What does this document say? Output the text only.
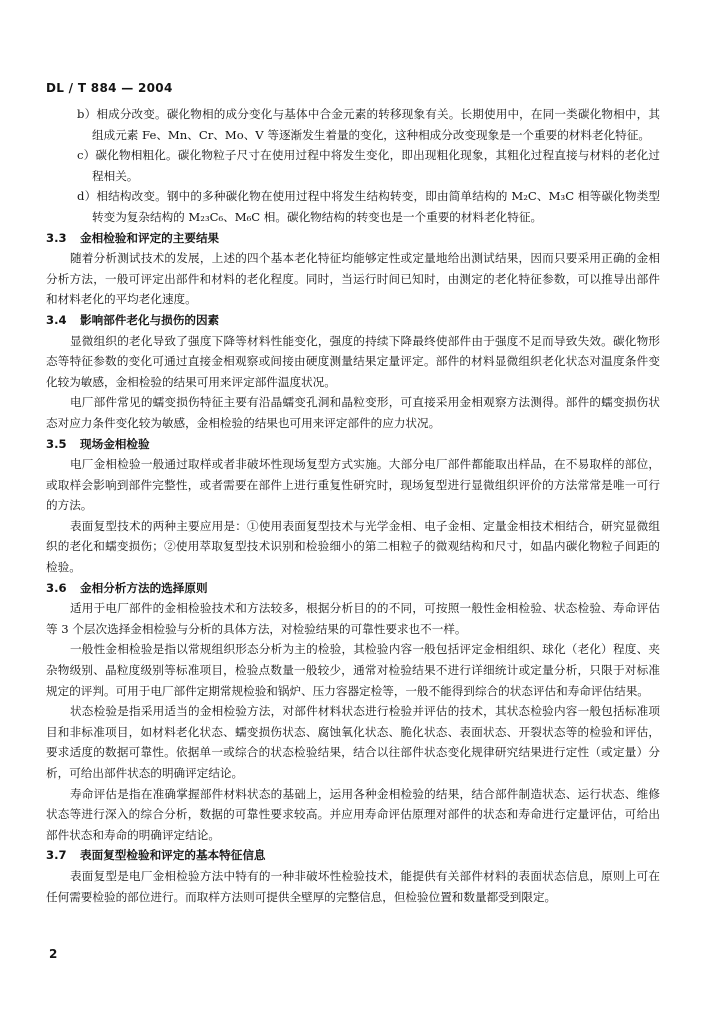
DL / T 884 — 2004
b）相成分改变。碳化物相的成分变化与基体中合金元素的转移现象有关。长期使用中，在同一类碳化物相中，其组成元素 Fe、Mn、Cr、Mo、V 等逐渐发生着量的变化，这种相成分改变现象是一个重要的材料老化特征。
c）碳化物相粗化。碳化物粒子尺寸在使用过程中将发生变化，即出现粗化现象，其粗化过程直接与材料的老化过程相关。
d）相结构改变。钢中的多种碳化物在使用过程中将发生结构转变，即由简单结构的 M₂C、M₃C 相等碳化物类型转变为复杂结构的 M₂₃C₆、M₆C 相。碳化物结构的转变也是一个重要的材料老化特征。
3.3 金相检验和评定的主要结果
随着分析测试技术的发展，上述的四个基本老化特征均能够定性或定量地给出测试结果，因而只要采用正确的金相分析方法，一般可评定出部件和材料的老化程度。同时，当运行时间已知时，由测定的老化特征参数，可以推导出部件和材料老化的平均老化速度。
3.4 影响部件老化与损伤的因素
显微组织的老化导致了强度下降等材料性能变化，强度的持续下降最终使部件由于强度不足而导致失效。碳化物形态等特征参数的变化可通过直接金相观察或间接由硬度测量结果定量评定。部件的材料显微组织老化状态对温度条件变化较为敏感，金相检验的结果可用来评定部件温度状况。
电厂部件常见的蠕变损伤特征主要有沿晶蠕变孔洞和晶粒变形，可直接采用金相观察方法测得。部件的蠕变损伤状态对应力条件变化较为敏感，金相检验的结果也可用来评定部件的应力状况。
3.5 现场金相检验
电厂金相检验一般通过取样或者非破坏性现场复型方式实施。大部分电厂部件都能取出样品，在不易取样的部位，或取样会影响到部件完整性，或者需要在部件上进行重复性研究时，现场复型进行显微组织评价的方法常常是唯一可行的方法。
表面复型技术的两种主要应用是：①使用表面复型技术与光学金相、电子金相、定量金相技术相结合，研究显微组织的老化和蠕变损伤；②使用萃取复型技术识别和检验细小的第二相粒子的微观结构和尺寸，如晶内碳化物粒子间距的检验。
3.6 金相分析方法的选择原则
适用于电厂部件的金相检验技术和方法较多，根据分析目的的不同，可按照一般性金相检验、状态检验、寿命评估等 3 个层次选择金相检验与分析的具体方法，对检验结果的可靠性要求也不一样。
一般性金相检验是指以常规组织形态分析为主的检验，其检验内容一般包括评定金相组织、球化（老化）程度、夹杂物级别、晶粒度级别等标准项目，检验点数量一般较少，通常对检验结果不进行详细统计或定量分析，只限于对标准规定的评判。可用于电厂部件定期常规检验和锅炉、压力容器定检等，一般不能得到综合的状态评估和寿命评估结果。
状态检验是指采用适当的金相检验方法，对部件材料状态进行检验并评估的技术，其状态检验内容一般包括标准项目和非标准项目，如材料老化状态、蠕变损伤状态、腐蚀氧化状态、脆化状态、表面状态、开裂状态等的检验和评估，要求适度的数据可靠性。依据单一或综合的状态检验结果，结合以往部件状态变化规律研究结果进行定性（或定量）分析，可给出部件状态的明确评定结论。
寿命评估是指在准确掌握部件材料状态的基础上，运用各种金相检验的结果，结合部件制造状态、运行状态、维修状态等进行深入的综合分析，数据的可靠性要求较高。并应用寿命评估原理对部件的状态和寿命进行定量评估，可给出部件状态和寿命的明确评定结论。
3.7 表面复型检验和评定的基本特征信息
表面复型是电厂金相检验方法中特有的一种非破坏性检验技术，能提供有关部件材料的表面状态信息，原则上可在任何需要检验的部位进行。而取样方法则可提供全壁厚的完整信息，但检验位置和数量都受到限定。
2
